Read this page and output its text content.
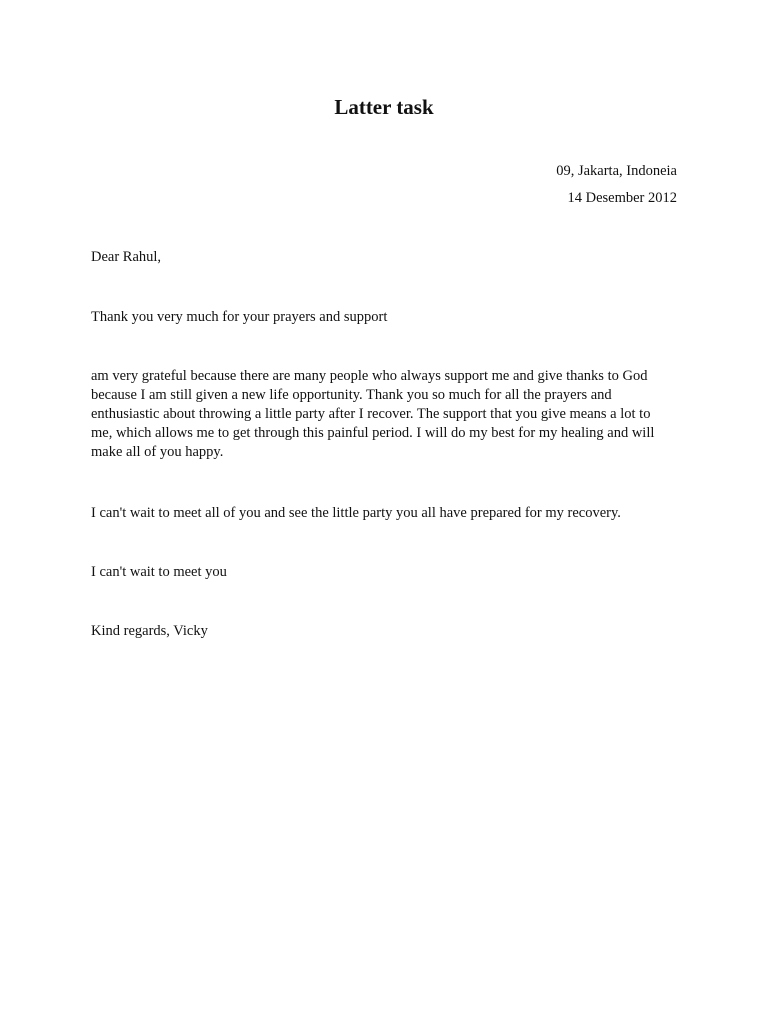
Latter task
09, Jakarta, Indoneia
14 Desember 2012
Dear Rahul,
Thank you very much for your prayers and support
am very grateful because there are many people who always support me and give thanks to God
because I am still given a new life opportunity. Thank you so much for all the prayers and
enthusiastic about throwing a little party after I recover. The support that you give means a lot to
me, which allows me to get through this painful period. I will do my best for my healing and will
make all of you happy.
I can't wait to meet all of you and see the little party you all have prepared for my recovery.
I can't wait to meet you
Kind regards, Vicky
